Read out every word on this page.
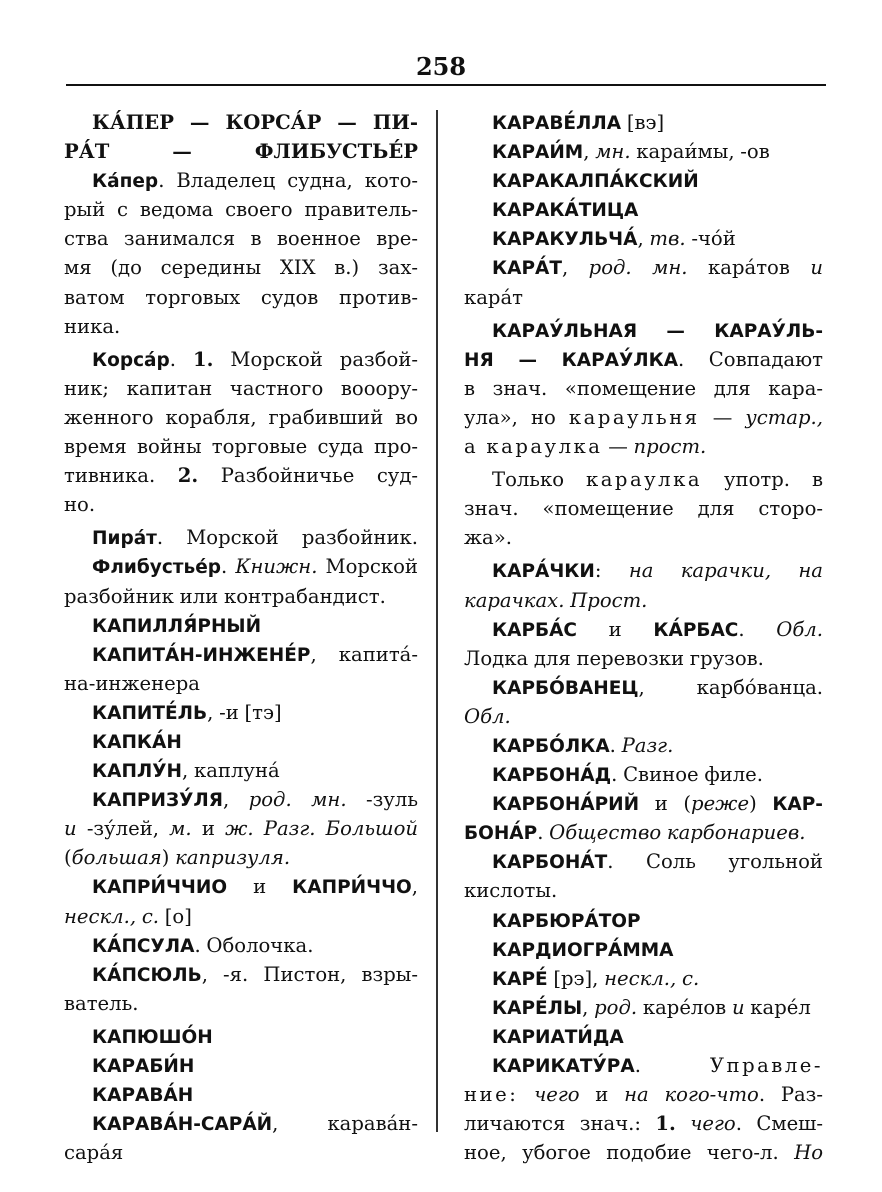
258
КА́ПЕР — КОРСА́Р — ПИ-
РА́Т — ФЛИБУСТЬЕ́Р
Ка́пер. Владелец судна, кото-
рый с ведома своего правитель-
ства занимался в военное вре-
мя (до середины XIX в.) зах-
ватом торговых судов против-
ника.
Корса́р. 1. Морской разбой-
ник; капитан частного вооору-
женного корабля, грабивший во
время войны торговые суда про-
тивника. 2. Разбойничье суд-
но.
Пира́т. Морской разбойник.
Флибустье́р. Книжн. Морской
разбойник или контрабандист.
КАПИЛЛЯ́РНЫЙ
КАПИТА́Н-ИНЖЕНЕ́Р, капита́-
на-инженера
КАПИТЕ́ЛЬ, -и [тэ]
КАПКА́Н
КАПЛУ́Н, каплуна́
КАПРИЗУ́ЛЯ, род. мн. -зуль
и -зу́лей, м. и ж. Разг. Большой
(большая) капризуля.
КАПРИ́ЧЧИО и КАПРИ́ЧЧО,
нескл., с. [о]
КА́ПСУЛА. Оболочка.
КА́ПСЮЛЬ, -я. Пистон, взры-
ватель.
КАПЮШО́Н
КАРАБИ́Н
КАРАВА́Н
КАРАВА́Н-САРА́Й, карава́н-
сара́я
КАРАВЕ́ЛЛА [вэ]
КАРАИ́М, мн. караи́мы, -ов
КАРАКАЛПА́КСКИЙ
КАРАКА́ТИЦА
КАРАКУЛЬЧА́, тв. -чо́й
КАРА́Т, род. мн. кара́тов и
кара́т
КАРАУ́ЛЬНАЯ — КАРАУ́ЛЬ-
НЯ — КАРАУ́ЛКА. Совпадают
в знач. «помещение для кара-
ула», но караульня — устар.,
а караулка — прост.
Только караулка употр. в
знач. «помещение для сторо-
жа».
КАРА́ЧКИ: на карачки, на
карачках. Прост.
КАРБА́С и КА́РБАС. Обл.
Лодка для перевозки грузов.
КАРБО́ВАНЕЦ, карбо́ванца.
Обл.
КАРБО́ЛКА. Разг.
КАРБОНА́Д. Свиное филе.
КАРБОНА́РИЙ и (реже) КАР-
БОНА́Р. Общество карбонариев.
КАРБОНА́Т. Соль угольной
кислоты.
КАРБЮРА́ТОР
КАРДИОГРА́ММА
КАРЕ́ [рэ], нескл., с.
КАРЕ́ЛЫ, род. каре́лов и каре́л
КАРИАТИ́ДА
КАРИКАТУ́РА. Управле-
ние: чего и на кого-что. Раз-
личаются знач.: 1. чего. Смеш-
ное, убогое подобие чего-л. Но
